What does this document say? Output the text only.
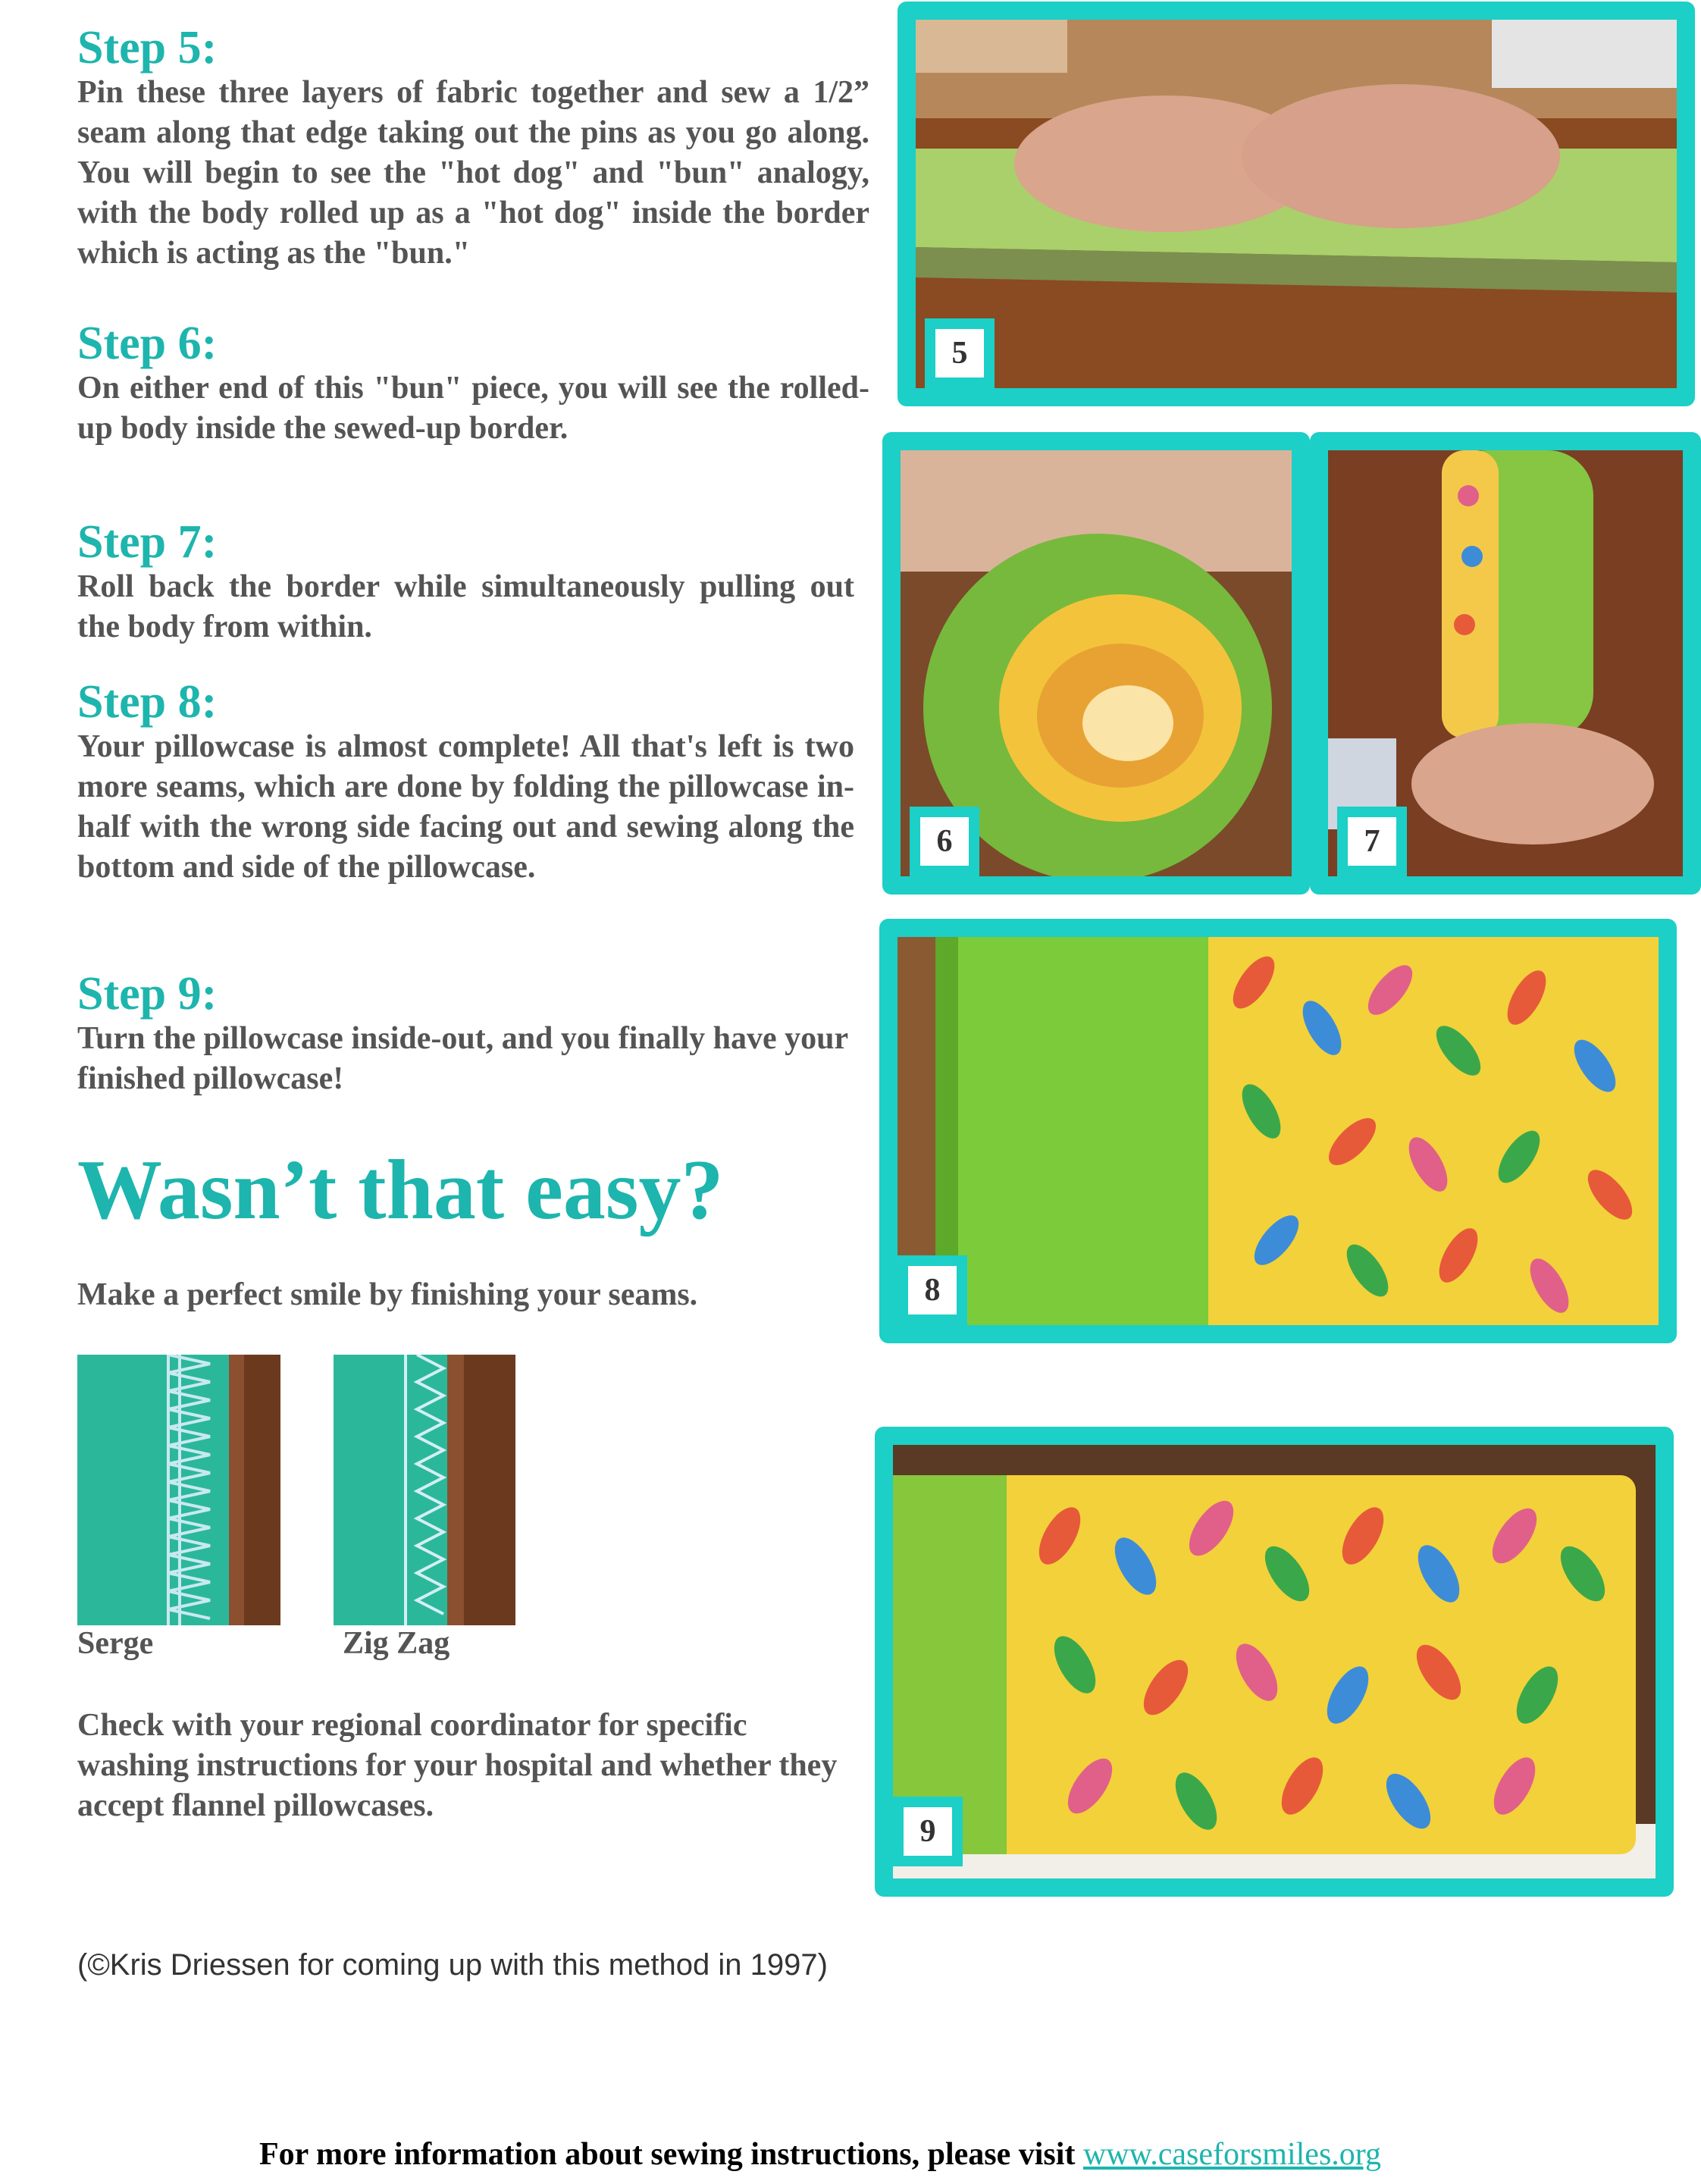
Step 5:

Pin these three layers of fabric together and sew a 1/2” seam along that edge taking out the pins as you go along. You will begin to see the "hot dog" and "bun" analogy, with the body rolled up as a "hot dog" inside the border which is acting as the "bun."

Step 6:

On either end of this "bun" piece, you will see the rolled-up body inside the sewed-up border.

Step 7:

Roll back the border while simultaneously pulling out the body from within.

Step 8:

Your pillowcase is almost complete! All that's left is two more seams, which are done by folding the pillowcase in-half with the wrong side facing out and sewing along the bottom and side of the pillowcase.

Step 9:

Turn the pillowcase inside-out, and you finally have your finished pillowcase!

Wasn’t that easy?

Make a perfect smile by finishing your seams.

Serge	Zig Zag

Check with your regional coordinator for specific washing instructions for your hospital and whether they accept flannel pillowcases.

(©Kris Driessen for coming up with this method in 1997)

For more information about sewing instructions, please visit www.caseforsmiles.org

5
6	7
8
9
